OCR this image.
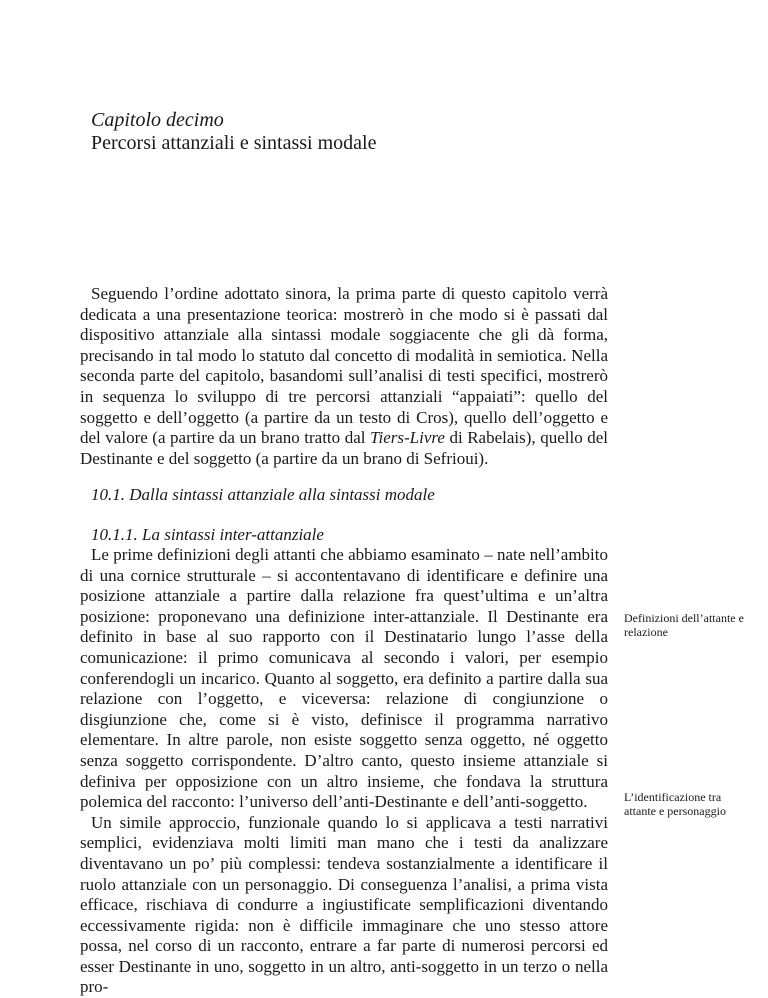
Capitolo decimo
Percorsi attanziali e sintassi modale

Seguendo l’ordine adottato sinora, la prima parte di questo capitolo verrà dedicata a una presentazione teorica: mostrerò in che modo si è passati dal dispositivo attanziale alla sintassi modale soggiacente che gli dà forma, precisando in tal modo lo statuto dal concetto di modalità in semiotica. Nella seconda parte del capitolo, basandomi sull’analisi di testi specifici, mostrerò in sequenza lo sviluppo di tre percorsi attanziali “appaiati”: quello del soggetto e dell’oggetto (a partire da un testo di Cros), quello dell’oggetto e del valore (a partire da un brano tratto dal Tiers-Livre di Rabelais), quello del Destinante e del soggetto (a partire da un brano di Sefrioui).

10.1. Dalla sintassi attanziale alla sintassi modale
10.1.1. La sintassi inter-attanziale

Le prime definizioni degli attanti che abbiamo esaminato – nate nell’ambito di una cornice strutturale – si accontentavano di identificare e definire una posizione attanziale a partire dalla relazione fra quest’ultima e un’altra posizione: proponevano una definizione inter-attanziale. Il Destinante era definito in base al suo rapporto con il Destinatario lungo l’asse della comunicazione: il primo comunicava al secondo i valori, per esempio conferendogli un incarico. Quanto al soggetto, era definito a partire dalla sua relazione con l’oggetto, e viceversa: relazione di congiunzione o disgiunzione che, come si è visto, definisce il programma narrativo elementare. In altre parole, non esiste soggetto senza oggetto, né oggetto senza soggetto corrispondente. D’altro canto, questo insieme attanziale si definiva per opposizione con un altro insieme, che fondava la struttura polemica del racconto: l’universo dell’anti-Destinante e dell’anti-soggetto.

Un simile approccio, funzionale quando lo si applicava a testi narrativi semplici, evidenziava molti limiti man mano che i testi da analizzare diventavano un po’ più complessi: tendeva sostanzialmente a identificare il ruolo attanziale con un personaggio. Di conseguenza l’analisi, a prima vista efficace, rischiava di condurre a ingiustificate semplificazioni diventando eccessivamente rigida: non è difficile immaginare che uno stesso attore possa, nel corso di un racconto, entrare a far parte di numerosi percorsi ed esser Destinante in uno, soggetto in un altro, anti-soggetto in un terzo o nella pro-

Definizioni dell’attante e relazione
L’identificazione tra attante e personaggio
